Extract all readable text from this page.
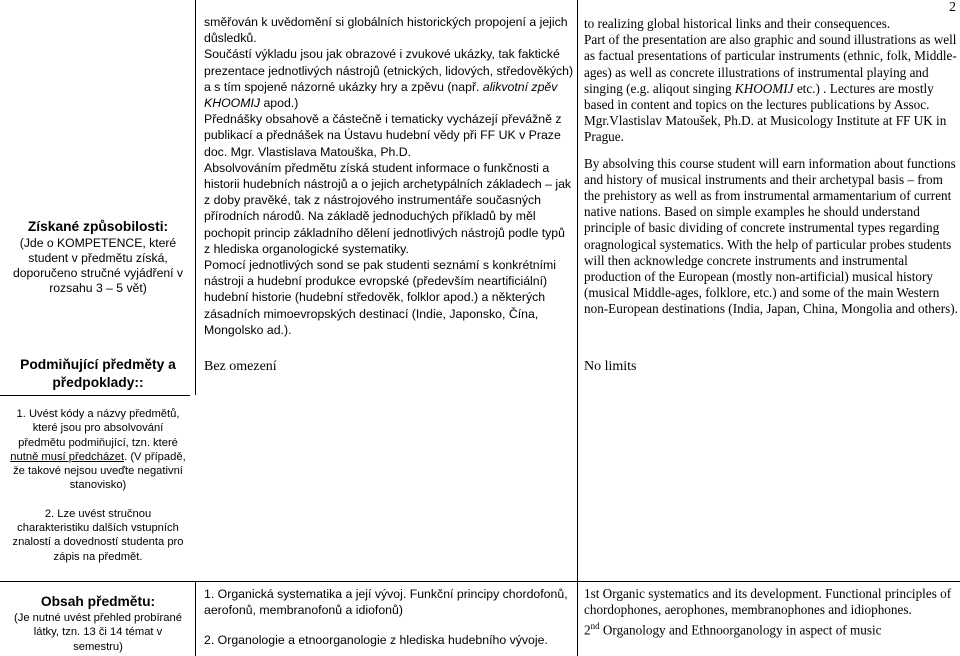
2
Získané způsobilosti:
(Jde o KOMPETENCE, které student v předmětu získá, doporučeno stručné vyjádření v rozsahu 3 – 5 vět)
Podmiňující předměty a předpoklady::
1. Uvést kódy a názvy předmětů, které jsou pro absolvování předmětu podmiňující, tzn. které nutně musí předcházet. (V případě, že takové nejsou uveďte negativní stanovisko)
2. Lze uvést stručnou charakteristiku dalších vstupních znalostí a dovedností studenta pro zápis na předmět.
Obsah předmětu:
(Je nutné uvést přehled probírané látky, tzn. 13 či 14 témat v semestru)

směřován k uvědomění si globálních historických propojení a jejich důsledků.

Součástí výkladu jsou jak obrazové i zvukové ukázky, tak faktické prezentace jednotlivých nástrojů (etnických, lidových, středověkých) a s tím spojené názorné ukázky hry a zpěvu (např. alikvotní zpěv KHOOMIJ apod.)

Přednášky obsahově a částečně i tematicky vycházejí převážně z publikací a přednášek na Ústavu hudební vědy při FF UK v Praze doc. Mgr. Vlastislava Matouška, Ph.D.

Absolvováním předmětu získá student informace o funkčnosti a historii hudebních nástrojů a o jejich archetypálních základech – jak z doby pravěké, tak z nástrojového instrumentáře současných přírodních národů. Na základě jednoduchých příkladů by měl pochopit princip základního dělení jednotlivých nástrojů podle typů z hlediska organologické systematiky.

Pomocí jednotlivých sond se pak studenti seznámí s konkrétními nástroji a hudební produkce evropské (především neartificiální) hudební historie (hudební středověk, folklor apod.) a některých zásadních mimoevropských destinací (Indie, Japonsko, Čína, Mongolsko ad.).

Bez omezení

to realizing global historical links and their consequences.

Part of the presentation are also graphic and sound illustrations as well as factual presentations of particular instruments (ethnic, folk, Middle-ages) as well as concrete illustrations of instrumental playing and singing (e.g. aliqout singing KHOOMIJ etc.) . Lectures are mostly based in content and topics on the lectures publications by Assoc. Mgr.Vlastislav Matoušek, Ph.D. at Musicology Institute at FF UK in Prague.

By absolving this course student will earn information about functions and history of musical instruments and their archetypal basis – from the prehistory as well as from instrumental armamentarium of current native nations. Based on simple examples he should understand principle of basic dividing of concrete instrumental types regarding oragnological systematics. With the help of particular probes students will then acknowledge concrete instruments and instrumental production of the European (mostly non-artificial) musical history (musical Middle-ages, folklore, etc.) and some of the main Western non-European destinations (India, Japan, China, Mongolia and others).

No limits

1. Organická systematika a její vývoj. Funkční principy chordofonů, aerofonů, membranofonů a idiofonů)

2. Organologie a etnoorganologie z hlediska hudebního vývoje.

1st Organic systematics and its development. Functional principles of chordophones, aerophones, membranophones and idiophones.

2nd Organology and Ethnoorganology in aspect of music
